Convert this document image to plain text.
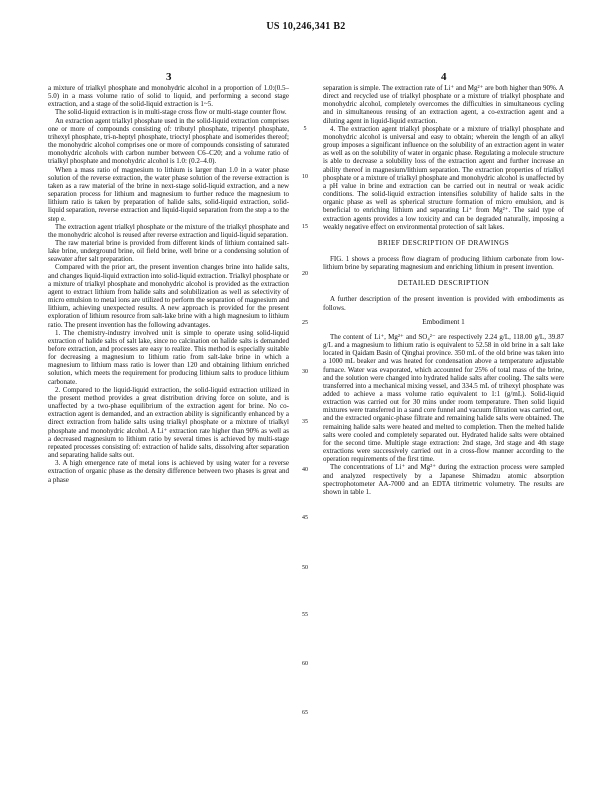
US 10,246,341 B2
3	4

a mixture of trialkyl phosphate and monohydric alcohol in a proportion of 1.0:(0.5–5.0) in a mass volume ratio of solid to liquid, and performing a second stage extraction, and a stage of the solid-liquid extraction is 1~5.

The solid-liquid extraction is in multi-stage cross flow or multi-stage counter flow.

An extraction agent trialkyl phosphate used in the solid-liquid extraction comprises one or more of compounds consisting of: tributyl phosphate, tripentyl phosphate, trihexyl phosphate, tri-n-heptyl phosphate, trioctyl phosphate and isomerides thereof; the monohydric alcohol comprises one or more of compounds consisting of saturated monohydric alcohols with carbon number between C6–C20; and a volume ratio of trialkyl phosphate and monohydric alcohol is 1.0: (0.2–4.0).

When a mass ratio of magnesium to lithium is larger than 1.0 in a water phase solution of the reverse extraction, the water phase solution of the reverse extraction is taken as a raw material of the brine in next-stage solid-liquid extraction, and a new separation process for lithium and magnesium to further reduce the magnesium to lithium ratio is taken by preparation of halide salts, solid-liquid extraction, solid-liquid separation, reverse extraction and liquid-liquid separation from the step a to the step e.

The extraction agent trialkyl phosphate or the mixture of the trialkyl phosphate and the monohydric alcohol is reused after reverse extraction and liquid-liquid separation.

The raw material brine is provided from different kinds of lithium contained salt-lake brine, underground brine, oil field brine, well brine or a condensing solution of seawater after salt preparation.

Compared with the prior art, the present invention changes brine into halide salts, and changes liquid-liquid extraction into solid-liquid extraction. Trialkyl phosphate or a mixture of trialkyl phosphate and monohydric alcohol is provided as the extraction agent to extract lithium from halide salts and solubilization as well as selectivity of micro emulsion to metal ions are utilized to perform the separation of magnesium and lithium, achieving unexpected results. A new approach is provided for the present exploration of lithium resource from salt-lake brine with a high magnesium to lithium ratio. The present invention has the following advantages.

1. The chemistry-industry involved unit is simple to operate using solid-liquid extraction of halide salts of salt lake, since no calcination on halide salts is demanded before extraction, and processes are easy to realize. This method is especially suitable for decreasing a magnesium to lithium ratio from salt-lake brine in which a magnesium to lithium mass ratio is lower than 120 and obtaining lithium enriched solution, which meets the requirement for producing lithium salts to produce lithium carbonate.

2. Compared to the liquid-liquid extraction, the solid-liquid extraction utilized in the present method provides a great distribution driving force on solute, and is unaffected by a two-phase equilibrium of the extraction agent for brine. No co-extraction agent is demanded, and an extraction ability is significantly enhanced by a direct extraction from halide salts using trialkyl phosphate or a mixture of trialkyl phosphate and monohydric alcohol. A Li⁺ extraction rate higher than 90% as well as a decreased magnesium to lithium ratio by several times is achieved by multi-stage repeated processes consisting of: extraction of halide salts, dissolving after separation and separating halide salts out.

3. A high emergence rate of metal ions is achieved by using water for a reverse extraction of organic phase as the density difference between two phases is great and a phase

5
10
15
20
25
30
35
40
45
50
55
60
65

separation is simple. The extraction rate of Li⁺ and Mg²⁺ are both higher than 90%. A direct and recycled use of trialkyl phosphate or a mixture of trialkyl phosphate and monohydric alcohol, completely overcomes the difficulties in simultaneous cycling and in simultaneous reusing of an extraction agent, a co-extraction agent and a diluting agent in liquid-liquid extraction.

4. The extraction agent trialkyl phosphate or a mixture of trialkyl phosphate and monohydric alcohol is universal and easy to obtain; wherein the length of an alkyl group imposes a significant influence on the solubility of an extraction agent in water as well as on the solubility of water in organic phase. Regulating a molecule structure is able to decrease a solubility loss of the extraction agent and further increase an ability thereof in magnesium/lithium separation. The extraction properties of trialkyl phosphate or a mixture of trialkyl phosphate and monohydric alcohol is unaffected by a pH value in brine and extraction can be carried out in neutral or weak acidic conditions. The solid-liquid extraction intensifies solubility of halide salts in the organic phase as well as spherical structure formation of micro emulsion, and is beneficial to enriching lithium and separating Li⁺ from Mg²⁺. The said type of extraction agents provides a low toxicity and can be degraded naturally, imposing a weakly negative effect on environmental protection of salt lakes.

BRIEF DESCRIPTION OF DRAWINGS

FIG. 1 shows a process flow diagram of producing lithium carbonate from low-lithium brine by separating magnesium and enriching lithium in present invention.

DETAILED DESCRIPTION

A further description of the present invention is provided with embodiments as follows.

Embodiment 1

The content of Li⁺, Mg²⁺ and SO₄²⁻ are respectively 2.24 g/L, 118.00 g/L, 39.87 g/L and a magnesium to lithium ratio is equivalent to 52.58 in old brine in a salt lake located in Qaidam Basin of Qinghai province. 350 mL of the old brine was taken into a 1000 mL beaker and was heated for condensation above a temperature adjustable furnace. Water was evaporated, which accounted for 25% of total mass of the brine, and the solution were changed into hydrated halide salts after cooling. The salts were transferred into a mechanical mixing vessel, and 334.5 mL of trihexyl phosphate was added to achieve a mass volume ratio equivalent to 1:1 (g/mL). Solid-liquid extraction was carried out for 30 mins under room temperature. Then solid liquid mixtures were transferred in a sand core funnel and vacuum filtration was carried out, and the extracted organic-phase filtrate and remaining halide salts were obtained. The remaining halide salts were heated and melted to completion. Then the melted halide salts were cooled and completely separated out. Hydrated halide salts were obtained for the second time. Multiple stage extraction: 2nd stage, 3rd stage and 4th stage extractions were successively carried out in a cross-flow manner according to the operation requirements of the first time.

The concentrations of Li⁺ and Mg²⁺ during the extraction process were sampled and analyzed respectively by a Japanese Shimadzu atomic absorption spectrophotometer AA-7000 and an EDTA titrimetric volumetry. The results are shown in table 1.
